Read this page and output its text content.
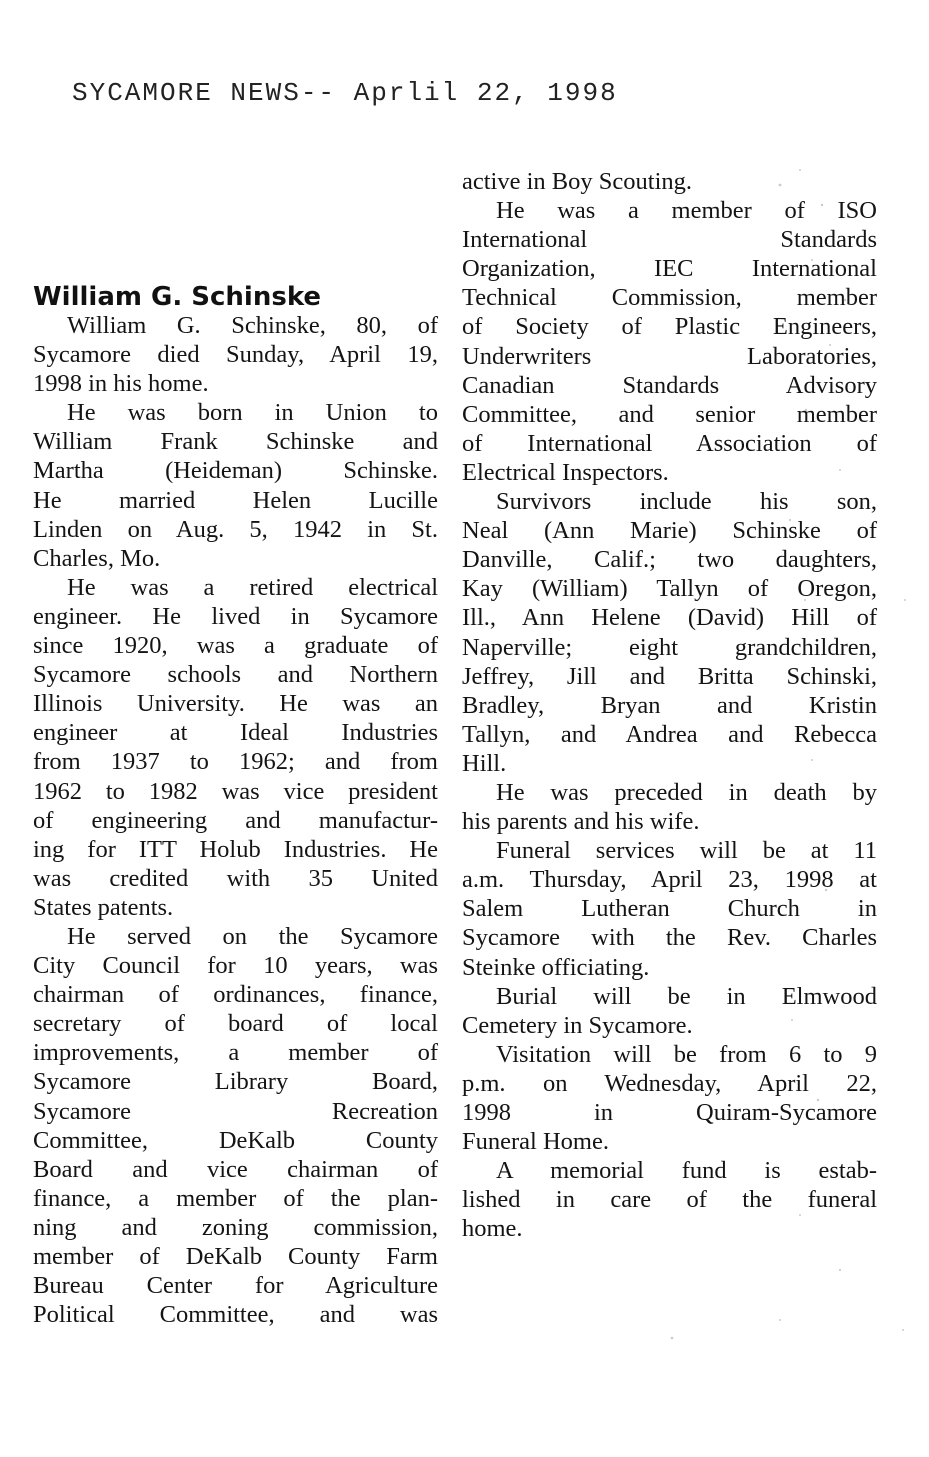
SYCAMORE NEWS-- Aprlil 22, 1998
William G. Schinske
William G. Schinske, 80, of
Sycamore died Sunday, April 19,
1998 in his home.
He was born in Union to
William Frank Schinske and
Martha (Heideman) Schinske.
He married Helen Lucille
Linden on Aug. 5, 1942 in St.
Charles, Mo.
He was a retired electrical
engineer. He lived in Sycamore
since 1920, was a graduate of
Sycamore schools and Northern
Illinois University. He was an
engineer at Ideal Industries
from 1937 to 1962; and from
1962 to 1982 was vice president
of engineering and manufactur-
ing for ITT Holub Industries. He
was credited with 35 United
States patents.
He served on the Sycamore
City Council for 10 years, was
chairman of ordinances, finance,
secretary of board of local
improvements, a member of
Sycamore Library Board,
Sycamore Recreation
Committee, DeKalb County
Board and vice chairman of
finance, a member of the plan-
ning and zoning commission,
member of DeKalb County Farm
Bureau Center for Agriculture
Political Committee, and was
active in Boy Scouting.
He was a member of ISO
International Standards
Organization, IEC International
Technical Commission, member
of Society of Plastic Engineers,
Underwriters Laboratories,
Canadian Standards Advisory
Committee, and senior member
of International Association of
Electrical Inspectors.
Survivors include his son,
Neal (Ann Marie) Schinske of
Danville, Calif.; two daughters,
Kay (William) Tallyn of Oregon,
Ill., Ann Helene (David) Hill of
Naperville; eight grandchildren,
Jeffrey, Jill and Britta Schinski,
Bradley, Bryan and Kristin
Tallyn, and Andrea and Rebecca
Hill.
He was preceded in death by
his parents and his wife.
Funeral services will be at 11
a.m. Thursday, April 23, 1998 at
Salem Lutheran Church in
Sycamore with the Rev. Charles
Steinke officiating.
Burial will be in Elmwood
Cemetery in Sycamore.
Visitation will be from 6 to 9
p.m. on Wednesday, April 22,
1998 in Quiram-Sycamore
Funeral Home.
A memorial fund is estab-
lished in care of the funeral
home.
